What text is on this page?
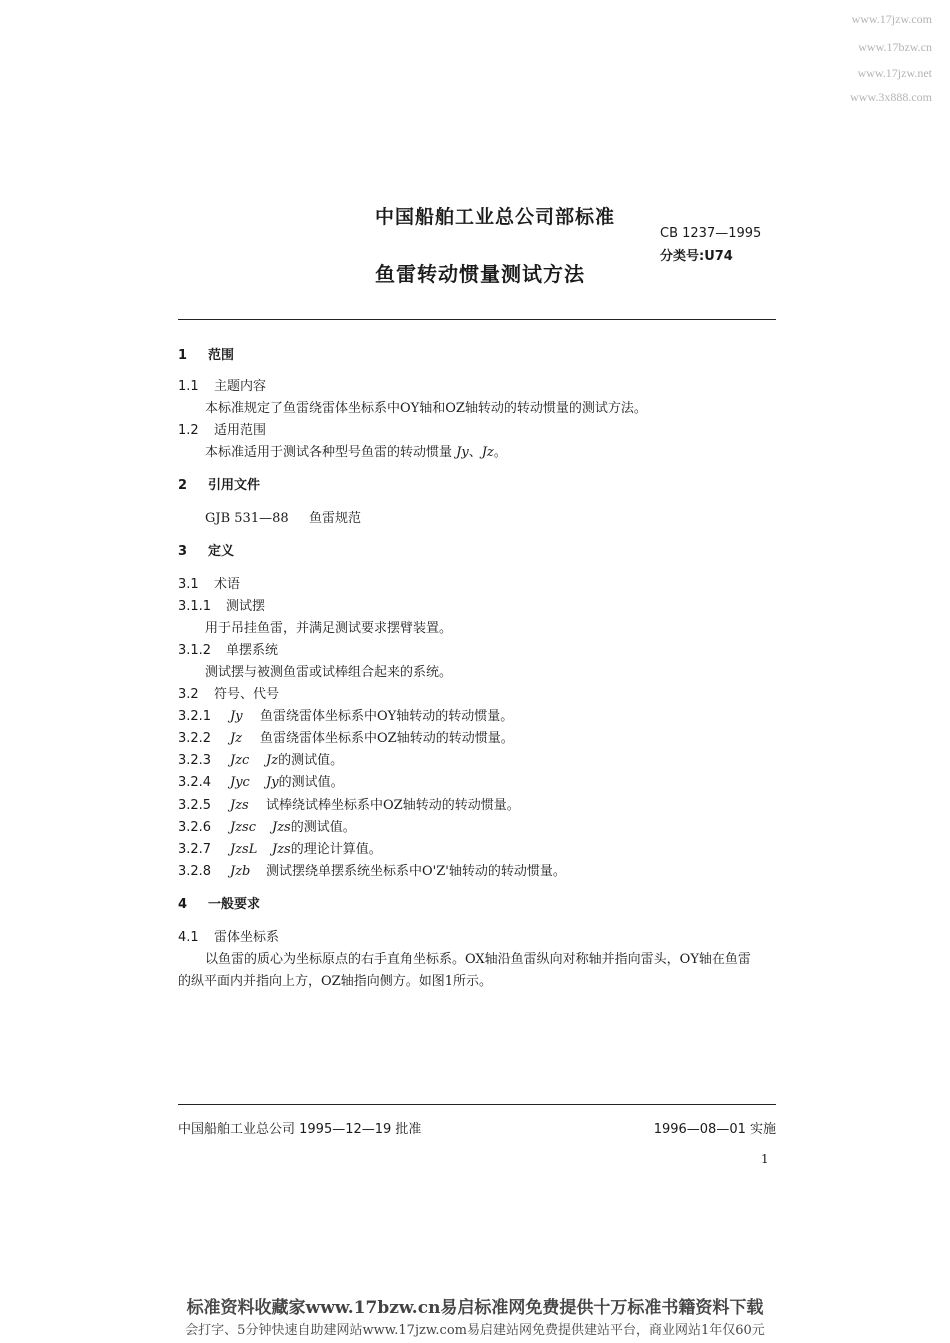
www.17jzw.com
www.17bzw.cn
www.17jzw.net
www.3x888.com
中国船舶工业总公司部标准
CB 1237—1995
分类号:U74
鱼雷转动惯量测试方法
1 范围
1.1 主题内容
本标准规定了鱼雷绕雷体坐标系中OY轴和OZ轴转动的转动惯量的测试方法。
1.2 适用范围
本标准适用于测试各种型号鱼雷的转动惯量 Jy、Jz。
2 引用文件
GJB 531—88 鱼雷规范
3 定义
3.1 术语
3.1.1 测试摆
用于吊挂鱼雷，并满足测试要求摆臂装置。
3.1.2 单摆系统
测试摆与被测鱼雷或试棒组合起来的系统。
3.2 符号、代号
3.2.1 Jy 鱼雷绕雷体坐标系中OY轴转动的转动惯量。
3.2.2 Jz 鱼雷绕雷体坐标系中OZ轴转动的转动惯量。
3.2.3 Jzc Jz的测试值。
3.2.4 Jyc Jy的测试值。
3.2.5 Jzs 试棒绕试棒坐标系中OZ轴转动的转动惯量。
3.2.6 Jzsc Jzs的测试值。
3.2.7 JzsL Jzs的理论计算值。
3.2.8 Jzb 测试摆绕单摆系统坐标系中O'Z'轴转动的转动惯量。
4 一般要求
4.1 雷体坐标系
以鱼雷的质心为坐标原点的右手直角坐标系。OX轴沿鱼雷纵向对称轴并指向雷头，OY轴在鱼雷
的纵平面内并指向上方，OZ轴指向侧方。如图1所示。
中国船舶工业总公司 1995—12—19 批准	1996—08—01 实施
1
标准资料收藏家www.17bzw.cn易启标准网免费提供十万标准书籍资料下载
会打字、5分钟快速自助建网站www.17jzw.com易启建站网免费提供建站平台，商业网站1年仅60元
